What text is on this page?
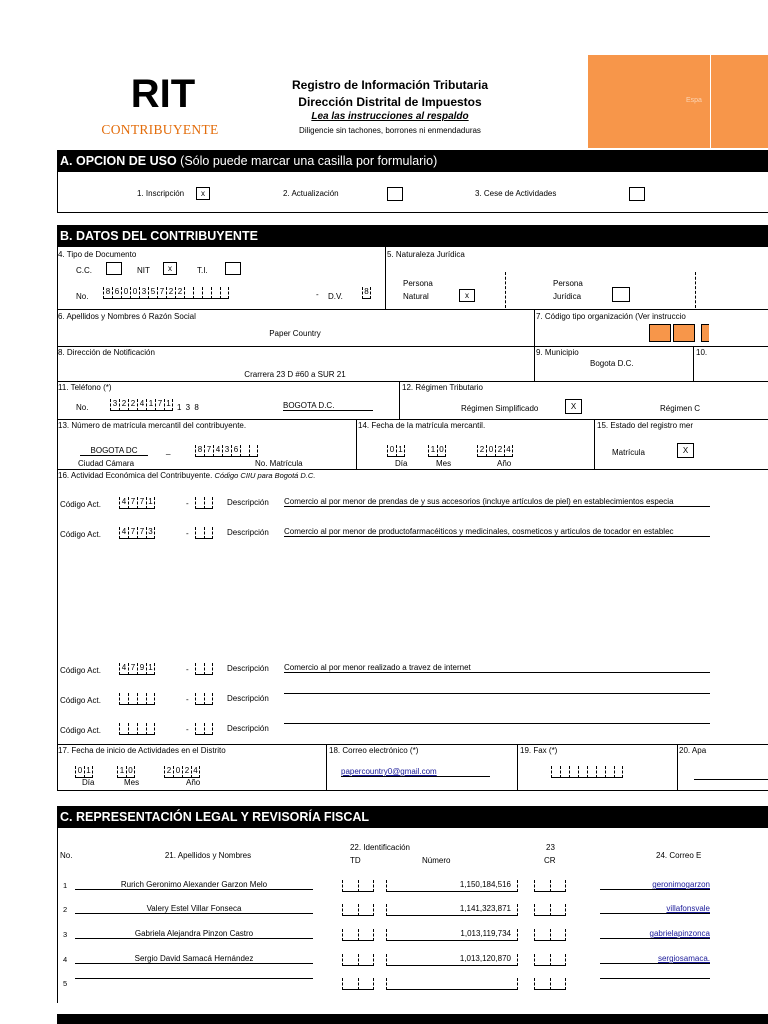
RIT
CONTRIBUYENTE
Registro de Información Tributaria
Dirección Distrital de Impuestos
Lea las instrucciones al respaldo
Diligencie sin tachones, borrones ni enmendaduras
Espa
A. OPCION DE USO (Sólo puede marcar una casilla por formulario)
1. Inscripción	x	2. Actualización	3. Cese de Actividades
B. DATOS DEL CONTRIBUYENTE
4. Tipo de Documento
C.C.	NIT	x	T.I.
No.
8 6 0 0 3 5 7 2 2	- D.V.
8
5. Naturaleza Jurídica
Persona
Natural	x
Persona
Jurídica
6. Apellidos y Nombres ó Razón Social
Paper Country
7. Código tipo organización (Ver instruccio
8. Dirección de Notificación
Crarrera 23 D #60 a SUR 21
9. Municipio
Bogota D.C.
10.
11. Teléfono (*)
No.	3 2 2 4 1 7 1 1 3 8	BOGOTA D.C.
12. Régimen Tributario
Régimen Simplificado	X	Régimen C
13. Número de matrícula mercantil del contribuyente.
BOGOTA DC	_	8 7 4 3 6
Ciudad Cámara	No. Matrícula
14. Fecha de la matrícula mercantil.
0 1	1 0	2 0 2 4
Día	Mes	Año
15. Estado del registro mer
Matrícula	X
16. Actividad Económica del Contribuyente. Código CIIU para Bogotá D.C.
Código Act.	4 7 7 1	-	Descripción Comercio al por menor de prendas de y sus accesorios (incluye artículos de piel) en establecimientos especia
Código Act.	4 7 7 3	-	Descripción Comercio al por menor de productofarmacéiticos y medicinales, cosmeticos y articulos de tocador en establec
Código Act.	4 7 9 1	-	Descripción Comercio al por menor realizado a travez de internet
Código Act.	-	Descripción
Código Act.	-	Descripción
17. Fecha de inicio de Actividades en el Distrito
0 1	1 0	2 0 2 4
Día	Mes	Año
18. Correo electrónico (*)
papercountry0@gmail.com
19. Fax (*)	20. Apa
C. REPRESENTACIÓN LEGAL Y REVISORÍA FISCAL
No.	21. Apellidos y Nombres
22. Identificación
TD	Número
23
CR
24. Correo E
1	Rurich Geronimo Alexander Garzon Melo	1,150,184,516	geronimogarzon
2	Valery Estel Villar Fonseca	1,141,323,871	villafonsvale
3	Gabriela Alejandra Pinzon Castro	1,013,119,734	gabrielapinzonca
4	Sergio David Samacá Hernández	1,013,120,870	sergiosamaca.
5
